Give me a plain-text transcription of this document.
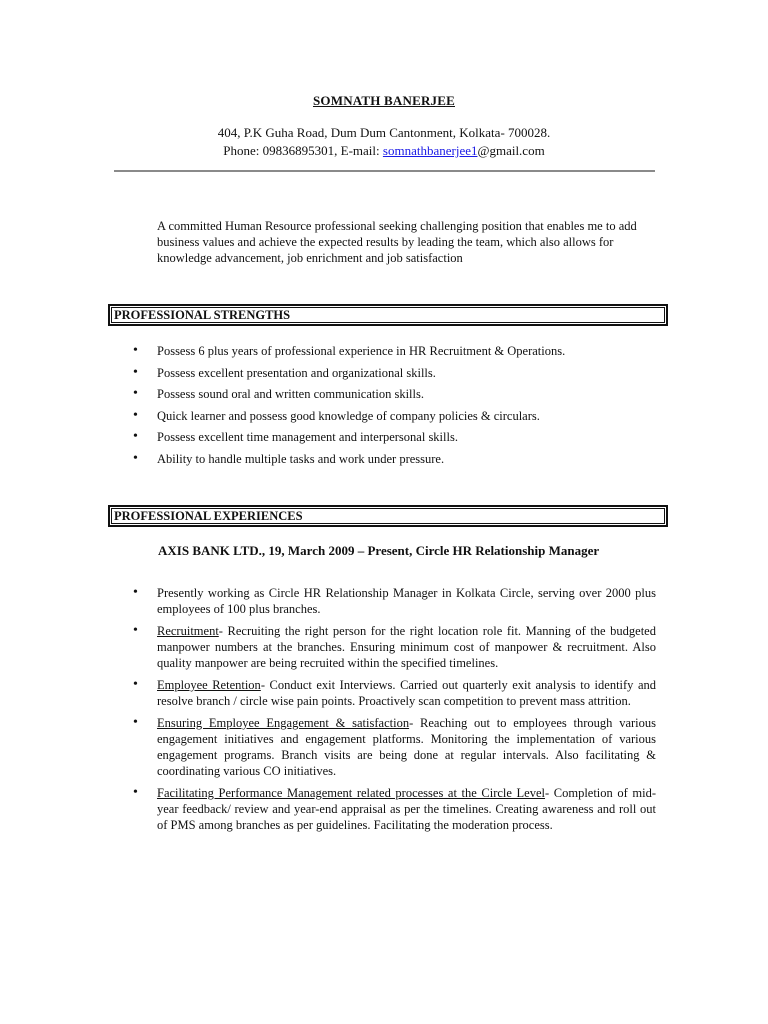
SOMNATH BANERJEE
404, P.K Guha Road, Dum Dum Cantonment, Kolkata- 700028.
Phone: 09836895301, E-mail: somnathbanerjee1@gmail.com
A committed Human Resource professional seeking challenging position that enables me to add business values and achieve the expected results by leading the team, which also allows for knowledge advancement, job enrichment and job satisfaction
PROFESSIONAL STRENGTHS
• Possess 6 plus years of professional experience in HR Recruitment & Operations.
• Possess excellent presentation and organizational skills.
• Possess sound oral and written communication skills.
• Quick learner and possess good knowledge of company policies & circulars.
• Possess excellent time management and interpersonal skills.
• Ability to handle multiple tasks and work under pressure.
PROFESSIONAL EXPERIENCES
AXIS BANK LTD., 19, March 2009 – Present, Circle HR Relationship Manager
• Presently working as Circle HR Relationship Manager in Kolkata Circle, serving over 2000 plus employees of 100 plus branches.
• Recruitment- Recruiting the right person for the right location role fit. Manning of the budgeted manpower numbers at the branches. Ensuring minimum cost of manpower & recruitment. Also quality manpower are being recruited within the specified timelines.
• Employee Retention- Conduct exit Interviews. Carried out quarterly exit analysis to identify and resolve branch / circle wise pain points. Proactively scan competition to prevent mass attrition.
• Ensuring Employee Engagement & satisfaction- Reaching out to employees through various engagement initiatives and engagement platforms. Monitoring the implementation of various engagement programs. Branch visits are being done at regular intervals. Also facilitating & coordinating various CO initiatives.
• Facilitating Performance Management related processes at the Circle Level- Completion of mid-year feedback/ review and year-end appraisal as per the timelines. Creating awareness and roll out of PMS among branches as per guidelines. Facilitating the moderation process.
